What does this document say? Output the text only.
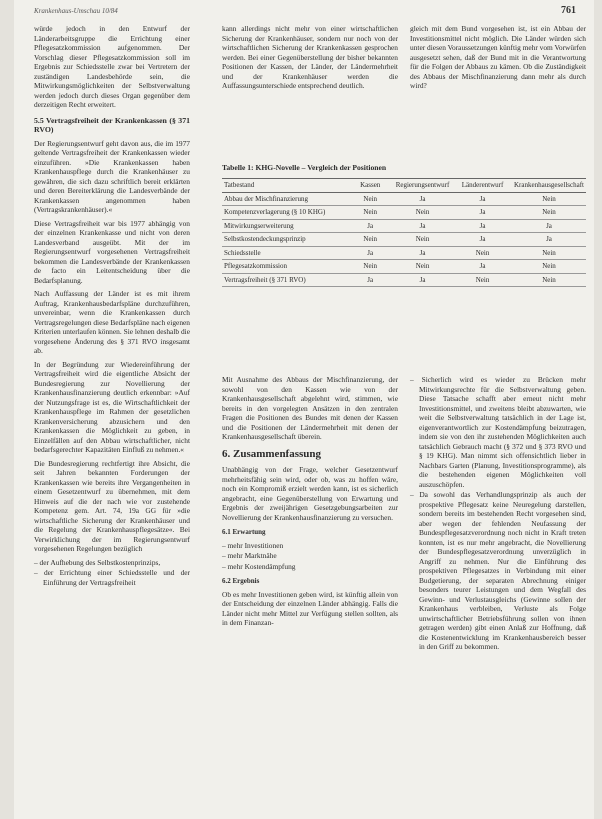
Krankenhaus-Umschau 10/84	761

würde jedoch in den Entwurf der Länderarbeitsgruppe die Errichtung einer Pflegesatzkommission aufgenommen. Der Vorschlag dieser Pflegesatzkommission soll im Ergebnis zur Schiedsstelle zwar bei Vertretern der zuständigen Landesbehörde sein, die Mitwirkungsmöglichkeiten der Selbstverwaltung werden jedoch durch dieses Organ gegenüber dem derzeitigen Recht erweitert.

5.5 Vertragsfreiheit der Krankenkassen (§ 371 RVO)

Der Regierungsentwurf geht davon aus, die im 1977 geltende Vertragsfreiheit der Krankenkassen wieder einzuführen. »Die Krankenkassen haben Krankenhauspflege durch die Krankenhäuser zu gewähren, die sich dazu schriftlich bereit erklärten und deren Bereiterklärung die Landesverbände der Krankenkassen angenommen haben (Vertragskrankenhäuser).«

Diese Vertragsfreiheit war bis 1977 abhängig von der einzelnen Krankenkasse und nicht von deren Landesverband ausgeübt. Mit der im Regierungsentwurf vorgesehenen Vertragsfreiheit bekommen die Landesverbände der Krankenkassen de facto ein Leitentscheidung über die Bedarfsplanung.

Nach Auffassung der Länder ist es mit ihrem Auftrag, Krankenhausbedarfspläne durchzuführen, unvereinbar, wenn die Krankenkassen durch Vertragsregelungen diese Bedarfspläne nach eigenen Kriterien unterlaufen können. Sie lehnen deshalb die vorgesehene Änderung des § 371 RVO insgesamt ab.

In der Begründung zur Wiedereinführung der Vertragsfreiheit wird die eigentliche Absicht der Bundesregierung zur Novellierung der Krankenhausfinanzierung deutlich erkennbar: »Auf der Nutzungsfrage ist es, die Wirtschaftlichkeit der Krankenhauspflege im Rahmen der gesetzlichen Krankenversicherung abzusichern und den Krankenkassen die Möglichkeit zu geben, in Einzelfällen auf den Abbau wirtschaftlicher, nicht bedarfsgerechter Kapazitäten Einfluß zu nehmen.«

Die Bundesregierung rechtfertigt ihre Absicht, die seit Jahren bekannten Forderungen der Krankenkassen wie bereits ihre Vergangenheiten in einem Gesetzentwurf zu übernehmen, mit dem Hinweis auf die der nach wie vor zustehende Kompetenz gem. Art. 74, 19a GG für »die wirtschaftliche Sicherung der Krankenhäuser und die Regelung der Krankenhauspflegesätze«. Bei Verwirklichung der im Regierungsentwurf vorgesehenen Regelungen bezüglich

– der Aufhebung des Selbstkostenprinzips,
– der Errichtung einer Schiedsstelle und der Einführung der Vertragsfreiheit

kann allerdings nicht mehr von einer wirtschaftlichen Sicherung der Krankenhäuser, sondern nur noch von der wirtschaftlichen Sicherung der Krankenkassen gesprochen werden. Bei einer Gegenüberstellung der bisher bekannten Positionen der Kassen, der Länder, der Ländermehrheit und der Krankenhäuser werden die Auffassungsunterschiede entsprechend deutlich.

gleich mit dem Bund vorgesehen ist, ist ein Abbau der Investitionsmittel nicht möglich. Die Länder würden sich unter diesen Voraussetzungen künftig mehr vom Vorwürfen ausgesetzt sehen, daß der Bund mit in die Verantwortung für die Folgen der Abbaus zu kämen. Ob die Zuständigkeit des Abbaus der Mischfinanzierung dann mehr als durch wird?

Tabelle 1: KHG-Novelle – Vergleich der Positionen
Tatbestand	Kassen	Regierungsentwurf	Länderentwurf	Krankenhausgesellschaft
Abbau der Mischfinanzierung	Nein	Ja	Ja	Nein
Kompetenzverlagerung (§ 10 KHG)	Nein	Nein	Ja	Nein
Mitwirkungserweiterung	Ja	Ja	Ja	Ja
Selbstkostendeckungsprinzip	Nein	Nein	Ja	Ja
Schiedsstelle	Ja	Ja	Nein	Nein
Pflegesatzkommission	Nein	Nein	Ja	Nein
Vertragsfreiheit (§ 371 RVO)	Ja	Ja	Nein	Nein

Mit Ausnahme des Abbaus der Mischfinanzierung, der sowohl von den Kassen wie von der Krankenhausgesellschaft abgelehnt wird, stimmen, wie bereits in den vorgelegten Ansätzen in den zentralen Fragen die Positionen des Bundes mit denen der Kassen und die Positionen der Ländermehrheit mit denen der Krankenhausgesellschaft überein.

6. Zusammenfassung

Unabhängig von der Frage, welcher Gesetzentwurf mehrheitsfähig sein wird, oder ob, was zu hoffen wäre, noch ein Kompromiß erzielt werden kann, ist es sicherlich angebracht, eine Gegenüberstellung von Erwartung und Ergebnis der zweijährigen Gesetzgebungsarbeiten zur Novellierung der Krankenhausfinanzierung zu versuchen.

6.1 Erwartung
– mehr Investitionen
– mehr Marktnähe
– mehr Kostendämpfung
6.2 Ergebnis

Ob es mehr Investitionen geben wird, ist künftig allein von der Entscheidung der einzelnen Länder abhängig. Falls die Länder nicht mehr Mittel zur Verfügung stellen sollten, als in dem Finanzan-

– Sicherlich wird es wieder zu Brücken mehr Mitwirkungsrechte für die Selbstverwaltung geben. Diese Tatsache schafft aber erneut nicht mehr Investitionsmittel, und zweitens bleibt abzuwarten, wie weit die Selbstverwaltung tatsächlich in der Lage ist, eigenverantwortlich zur Kostendämpfung beizutragen, indem sie von den ihr zustehenden Möglichkeiten auch tatsächlich Gebrauch macht (§ 372 und § 373 RVO und § 19 KHG). Man nimmt sich offensichtlich lieber in Nachbars Garten (Planung, Investitionsprogramme), als die bestehenden eigenen Möglichkeiten voll auszuschöpfen.
– Da sowohl das Verhandlungsprinzip als auch der prospektive Pflegesatz keine Neuregelung darstellen, sondern bereits im bestehenden Recht vorgesehen sind, aber wegen der fehlenden Neufassung der Bundespflegesatzverordnung noch nicht in Kraft treten konnten, ist es nur mehr angebracht, die Novellierung der Bundespflegesatzverordnung unverzüglich in Angriff zu nehmen. Nur die Einführung des prospektiven Pflegesatzes in Verbindung mit einer Budgetierung, der separaten Abrechnung einiger besonders teurer Leistungen und dem Wegfall des Gewinn- und Verlustausgleichs (Gewinne sollen der Krankenhaus verbleiben, Verluste als Folge unwirtschaftlicher Betriebsführung sollen von ihnen getragen werden) gibt einen Anlaß zur Hoffnung, daß die Kostenentwicklung im Krankenhausbereich besser in den Griff zu bekommen.
